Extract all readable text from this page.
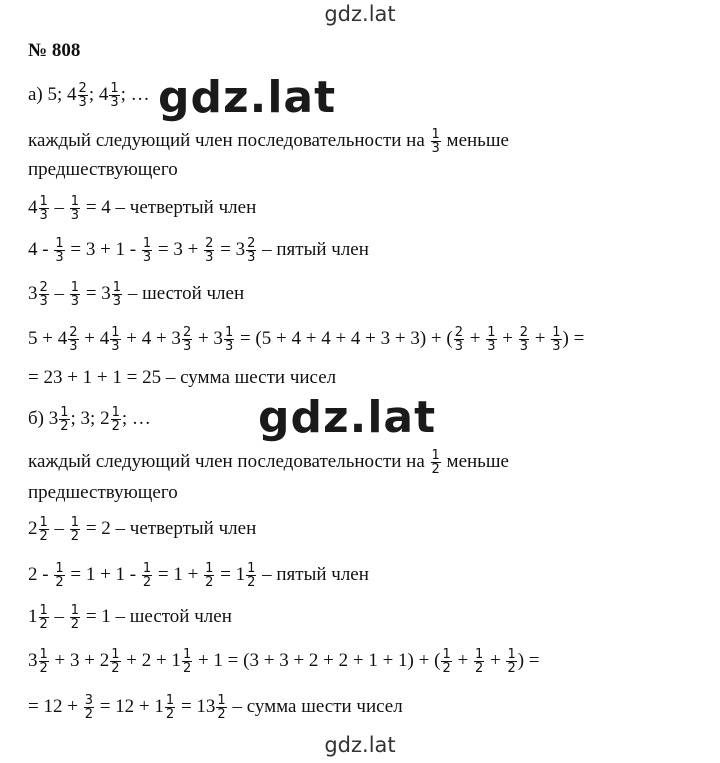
gdz.lat
gdz.lat
gdz.lat
№ 808
а) 5; $4 \frac{2}{3}$ ; $4 \frac{1}{3}$ ; …
каждый следующий член последовательности на $\frac{1}{3}$ меньше
предшествующего
$4 \frac{1}{3} - \frac{1}{3} = 4$ – четвертый член
$4 - \frac{1}{3} = 3 + 1 - \frac{1}{3} = 3 + \frac{2}{3} = 3 \frac{2}{3}$ – пятый член
$3 \frac{2}{3} - \frac{1}{3} = 3 \frac{1}{3}$ – шестой член
$5 + 4 \frac{2}{3} + 4 \frac{1}{3} + 4 + 3 \frac{2}{3} + 3 \frac{1}{3} = (5 + 4 + 4 + 4 + 3 + 3)$ + ( $\frac{2}{3} + \frac{1}{3} + \frac{2}{3} + \frac{1}{3}$ ) =
= 23 + 1 + 1 = 25 – сумма шести чисел
б) $3 \frac{1}{2}$ ; 3; $2 \frac{1}{2}$ ; …
каждый следующий член последовательности на $\frac{1}{2}$ меньше
предшествующего
$2 \frac{1}{2} - \frac{1}{2} = 2$ – четвертый член
$2 - \frac{1}{2} = 1 + 1 - \frac{1}{2} = 1 + \frac{1}{2} = 1 \frac{1}{2}$ – пятый член
$1 \frac{1}{2} - \frac{1}{2} = 1$ – шестой член
$3 \frac{1}{2} + 3 + 2 \frac{1}{2} + 2 + 1 \frac{1}{2} + 1 = (3 + 3 + 2 + 2 + 1 + 1)$ + ( $\frac{1}{2} + \frac{1}{2} + \frac{1}{2}$ ) =
= $12 + \frac{3}{2} = 12 + 1 \frac{1}{2} = 13 \frac{1}{2}$ – сумма шести чисел
gdz.lat
